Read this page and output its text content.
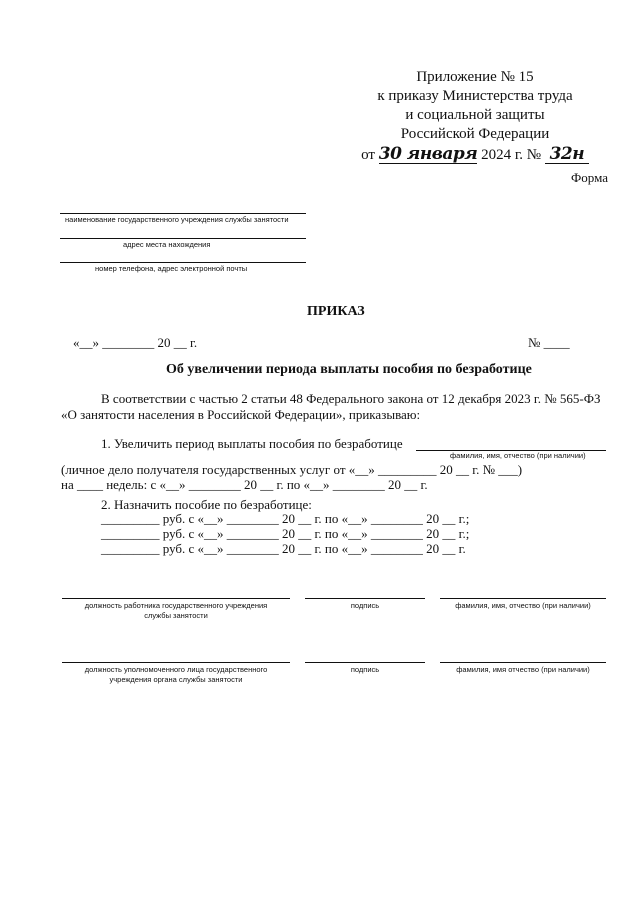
Приложение № 15
к приказу Министерства труда
и социальной защиты
Российской Федерации
от 30 января 2024 г. № 32н
Форма
наименование государственного учреждения службы занятости
адрес места нахождения
номер телефона, адрес электронной почты
ПРИКАЗ
«__» ________ 20 __ г.	№ ____
Об увеличении периода выплаты пособия по безработице
В соответствии с частью 2 статьи 48 Федерального закона от 12 декабря 2023 г. № 565-ФЗ
«О занятости населения в Российской Федерации», приказываю:
1. Увеличить период выплаты пособия по безработице
фамилия, имя, отчество (при наличии)
(личное дело получателя государственных услуг от «__» _________ 20 __ г. № ___)
на ____ недель: с «__» ________ 20 __ г. по «__» ________ 20 __ г.
2. Назначить пособие по безработице:
_________ руб. с «__» ________ 20 __ г. по «__» ________ 20 __ г.;
_________ руб. с «__» ________ 20 __ г. по «__» ________ 20 __ г.;
_________ руб. с «__» ________ 20 __ г. по «__» ________ 20 __ г.
должность работника государственного учреждения
службы занятости
подпись	фамилия, имя, отчество (при наличии)
должность уполномоченного лица государственного
учреждения органа службы занятости
подпись	фамилия, имя отчество (при наличии)
